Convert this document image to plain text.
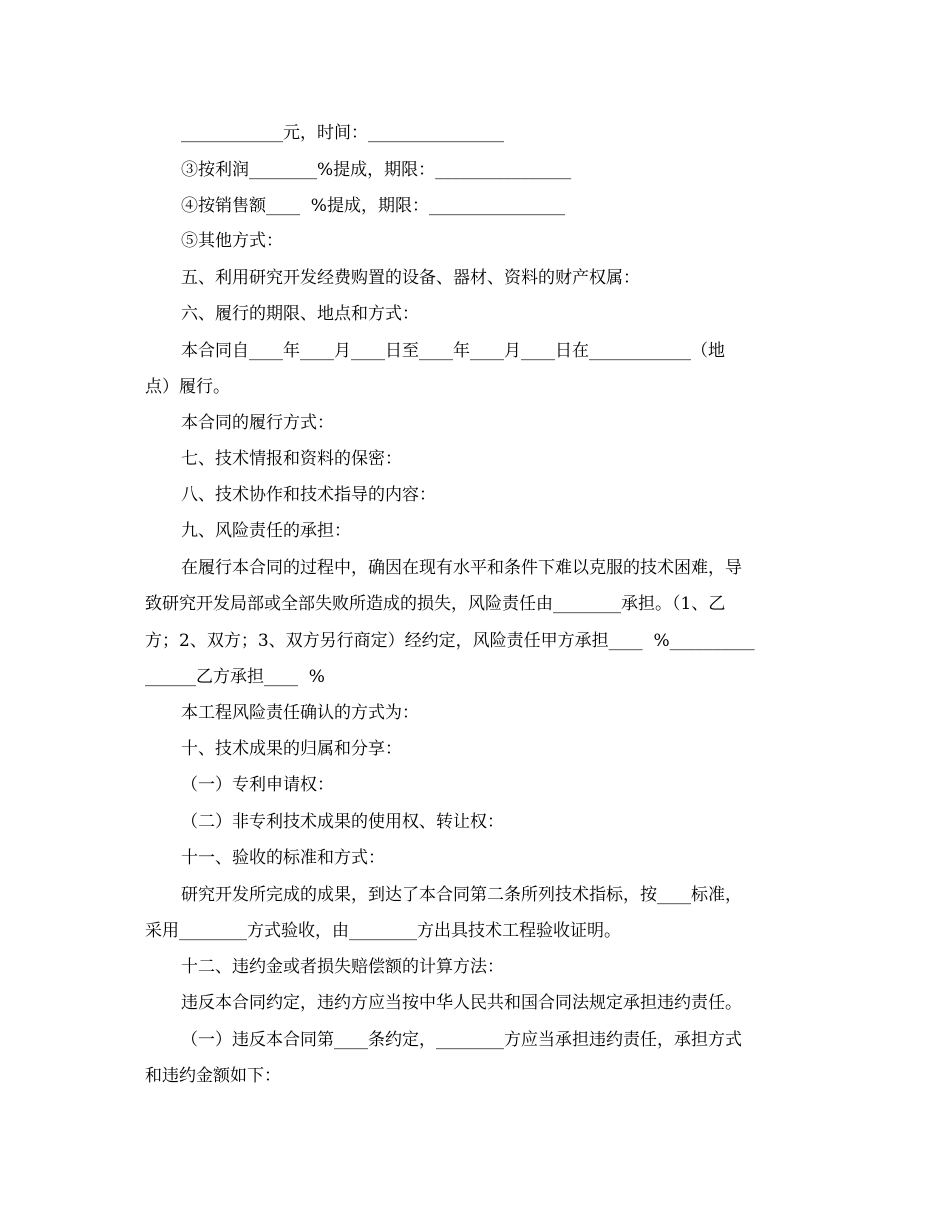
____________元，时间：________________
③按利润________%提成，期限：________________
④按销售额____  %提成，期限：________________
⑤其他方式：
五、利用研究开发经费购置的设备、器材、资料的财产权属：
六、履行的期限、地点和方式：
本合同自____年____月____日至____年____月____日在____________（地
点）履行。
本合同的履行方式：
七、技术情报和资料的保密：
八、技术协作和技术指导的内容：
九、风险责任的承担：
在履行本合同的过程中，确因在现有水平和条件下难以克服的技术困难，导
致研究开发局部或全部失败所造成的损失，风险责任由________承担。（1、乙
方；2、双方；3、双方另行商定）经约定，风险责任甲方承担____  %__________
______乙方承担____  %
本工程风险责任确认的方式为：
十、技术成果的归属和分享：
（一）专利申请权：
（二）非专利技术成果的使用权、转让权：
十一、验收的标准和方式：
研究开发所完成的成果，到达了本合同第二条所列技术指标，按____标准，
采用________方式验收，由________方出具技术工程验收证明。
十二、违约金或者损失赔偿额的计算方法：
违反本合同约定，违约方应当按中华人民共和国合同法规定承担违约责任。
（一）违反本合同第____条约定，________方应当承担违约责任，承担方式
和违约金额如下：
